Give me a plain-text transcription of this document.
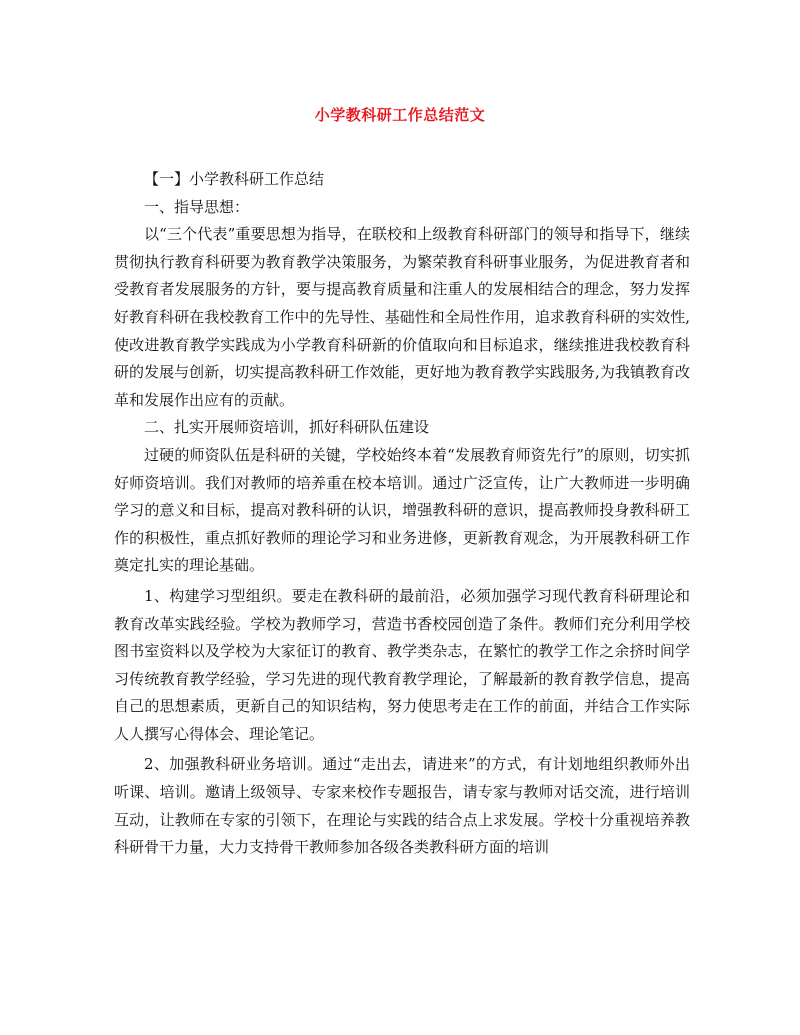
小学教科研工作总结范文

【一】小学教科研工作总结

一、指导思想：

以“三个代表”重要思想为指导，在联校和上级教育科研部门的领导和指导下，继续贯彻执行教育科研要为教育教学决策服务，为繁荣教育科研事业服务，为促进教育者和受教育者发展服务的方针，要与提高教育质量和注重人的发展相结合的理念，努力发挥好教育科研在我校教育工作中的先导性、基础性和全局性作用，追求教育科研的实效性, 使改进教育教学实践成为小学教育科研新的价值取向和目标追求，继续推进我校教育科研的发展与创新，切实提高教科研工作效能，更好地为教育教学实践服务,为我镇教育改革和发展作出应有的贡献。

二、扎实开展师资培训，抓好科研队伍建设

过硬的师资队伍是科研的关键，学校始终本着“发展教育师资先行”的原则，切实抓好师资培训。我们对教师的培养重在校本培训。通过广泛宣传，让广大教师进一步明确学习的意义和目标，提高对教科研的认识，增强教科研的意识，提高教师投身教科研工作的积极性，重点抓好教师的理论学习和业务进修，更新教育观念，为开展教科研工作奠定扎实的理论基础。

1、构建学习型组织。要走在教科研的最前沿，必须加强学习现代教育科研理论和教育改革实践经验。学校为教师学习，营造书香校园创造了条件。教师们充分利用学校图书室资料以及学校为大家征订的教育、教学类杂志，在繁忙的教学工作之余挤时间学习传统教育教学经验，学习先进的现代教育教学理论，了解最新的教育教学信息，提高自己的思想素质，更新自己的知识结构，努力使思考走在工作的前面，并结合工作实际人人撰写心得体会、理论笔记。

2、加强教科研业务培训。通过“走出去，请进来”的方式，有计划地组织教师外出听课、培训。邀请上级领导、专家来校作专题报告，请专家与教师对话交流，进行培训互动，让教师在专家的引领下，在理论与实践的结合点上求发展。学校十分重视培养教科研骨干力量，大力支持骨干教师参加各级各类教科研方面的培训
